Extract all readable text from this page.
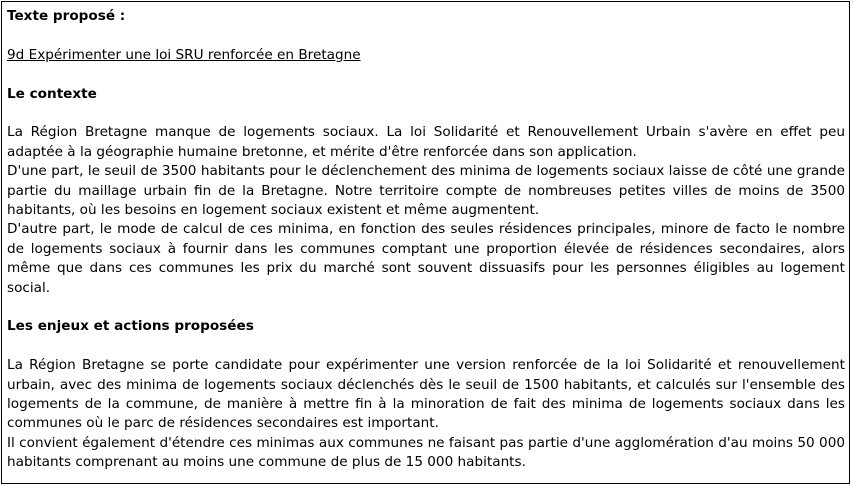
Texte proposé :

9d Expérimenter une loi SRU renforcée en Bretagne

Le contexte

La Région Bretagne manque de logements sociaux. La loi Solidarité et Renouvellement Urbain s'avère en effet peu adaptée à la géographie humaine bretonne, et mérite d'être renforcée dans son application.

D'une part, le seuil de 3500 habitants pour le déclenchement des minima de logements sociaux laisse de côté une grande partie du maillage urbain fin de la Bretagne. Notre territoire compte de nombreuses petites villes de moins de 3500 habitants, où les besoins en logement sociaux existent et même augmentent.

D'autre part, le mode de calcul de ces minima, en fonction des seules résidences principales, minore de facto le nombre de logements sociaux à fournir dans les communes comptant une proportion élevée de résidences secondaires, alors même que dans ces communes les prix du marché sont souvent dissuasifs pour les personnes éligibles au logement social.

Les enjeux et actions proposées

La Région Bretagne se porte candidate pour expérimenter une version renforcée de la loi Solidarité et renouvellement urbain, avec des minima de logements sociaux déclenchés dès le seuil de 1500 habitants, et calculés sur l'ensemble des logements de la commune, de manière à mettre fin à la minoration de fait des minima de logements sociaux dans les communes où le parc de résidences secondaires est important.

Il convient également d'étendre ces minimas aux communes ne faisant pas partie d'une agglomération d'au moins 50 000 habitants comprenant au moins une commune de plus de 15 000 habitants.
